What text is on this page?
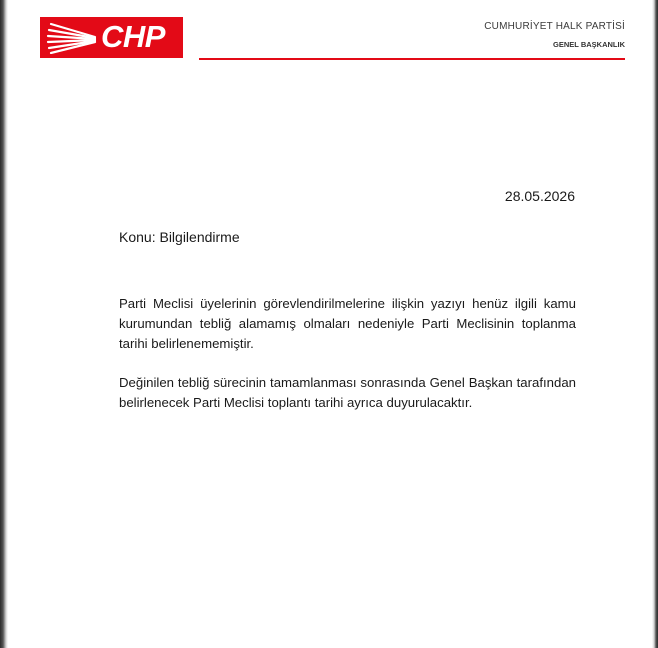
CHP	CUMHURİYET HALK PARTİSİ
GENEL BAŞKANLIK
28.05.2026
Konu: Bilgilendirme
Parti Meclisi üyelerinin görevlendirilmelerine ilişkin yazıyı henüz ilgili kamu kurumundan tebliğ alamamış olmaları nedeniyle Parti Meclisinin toplanma tarihi belirlenememiştir.
Değinilen tebliğ sürecinin tamamlanması sonrasında Genel Başkan tarafından belirlenecek Parti Meclisi toplantı tarihi ayrıca duyurulacaktır.
